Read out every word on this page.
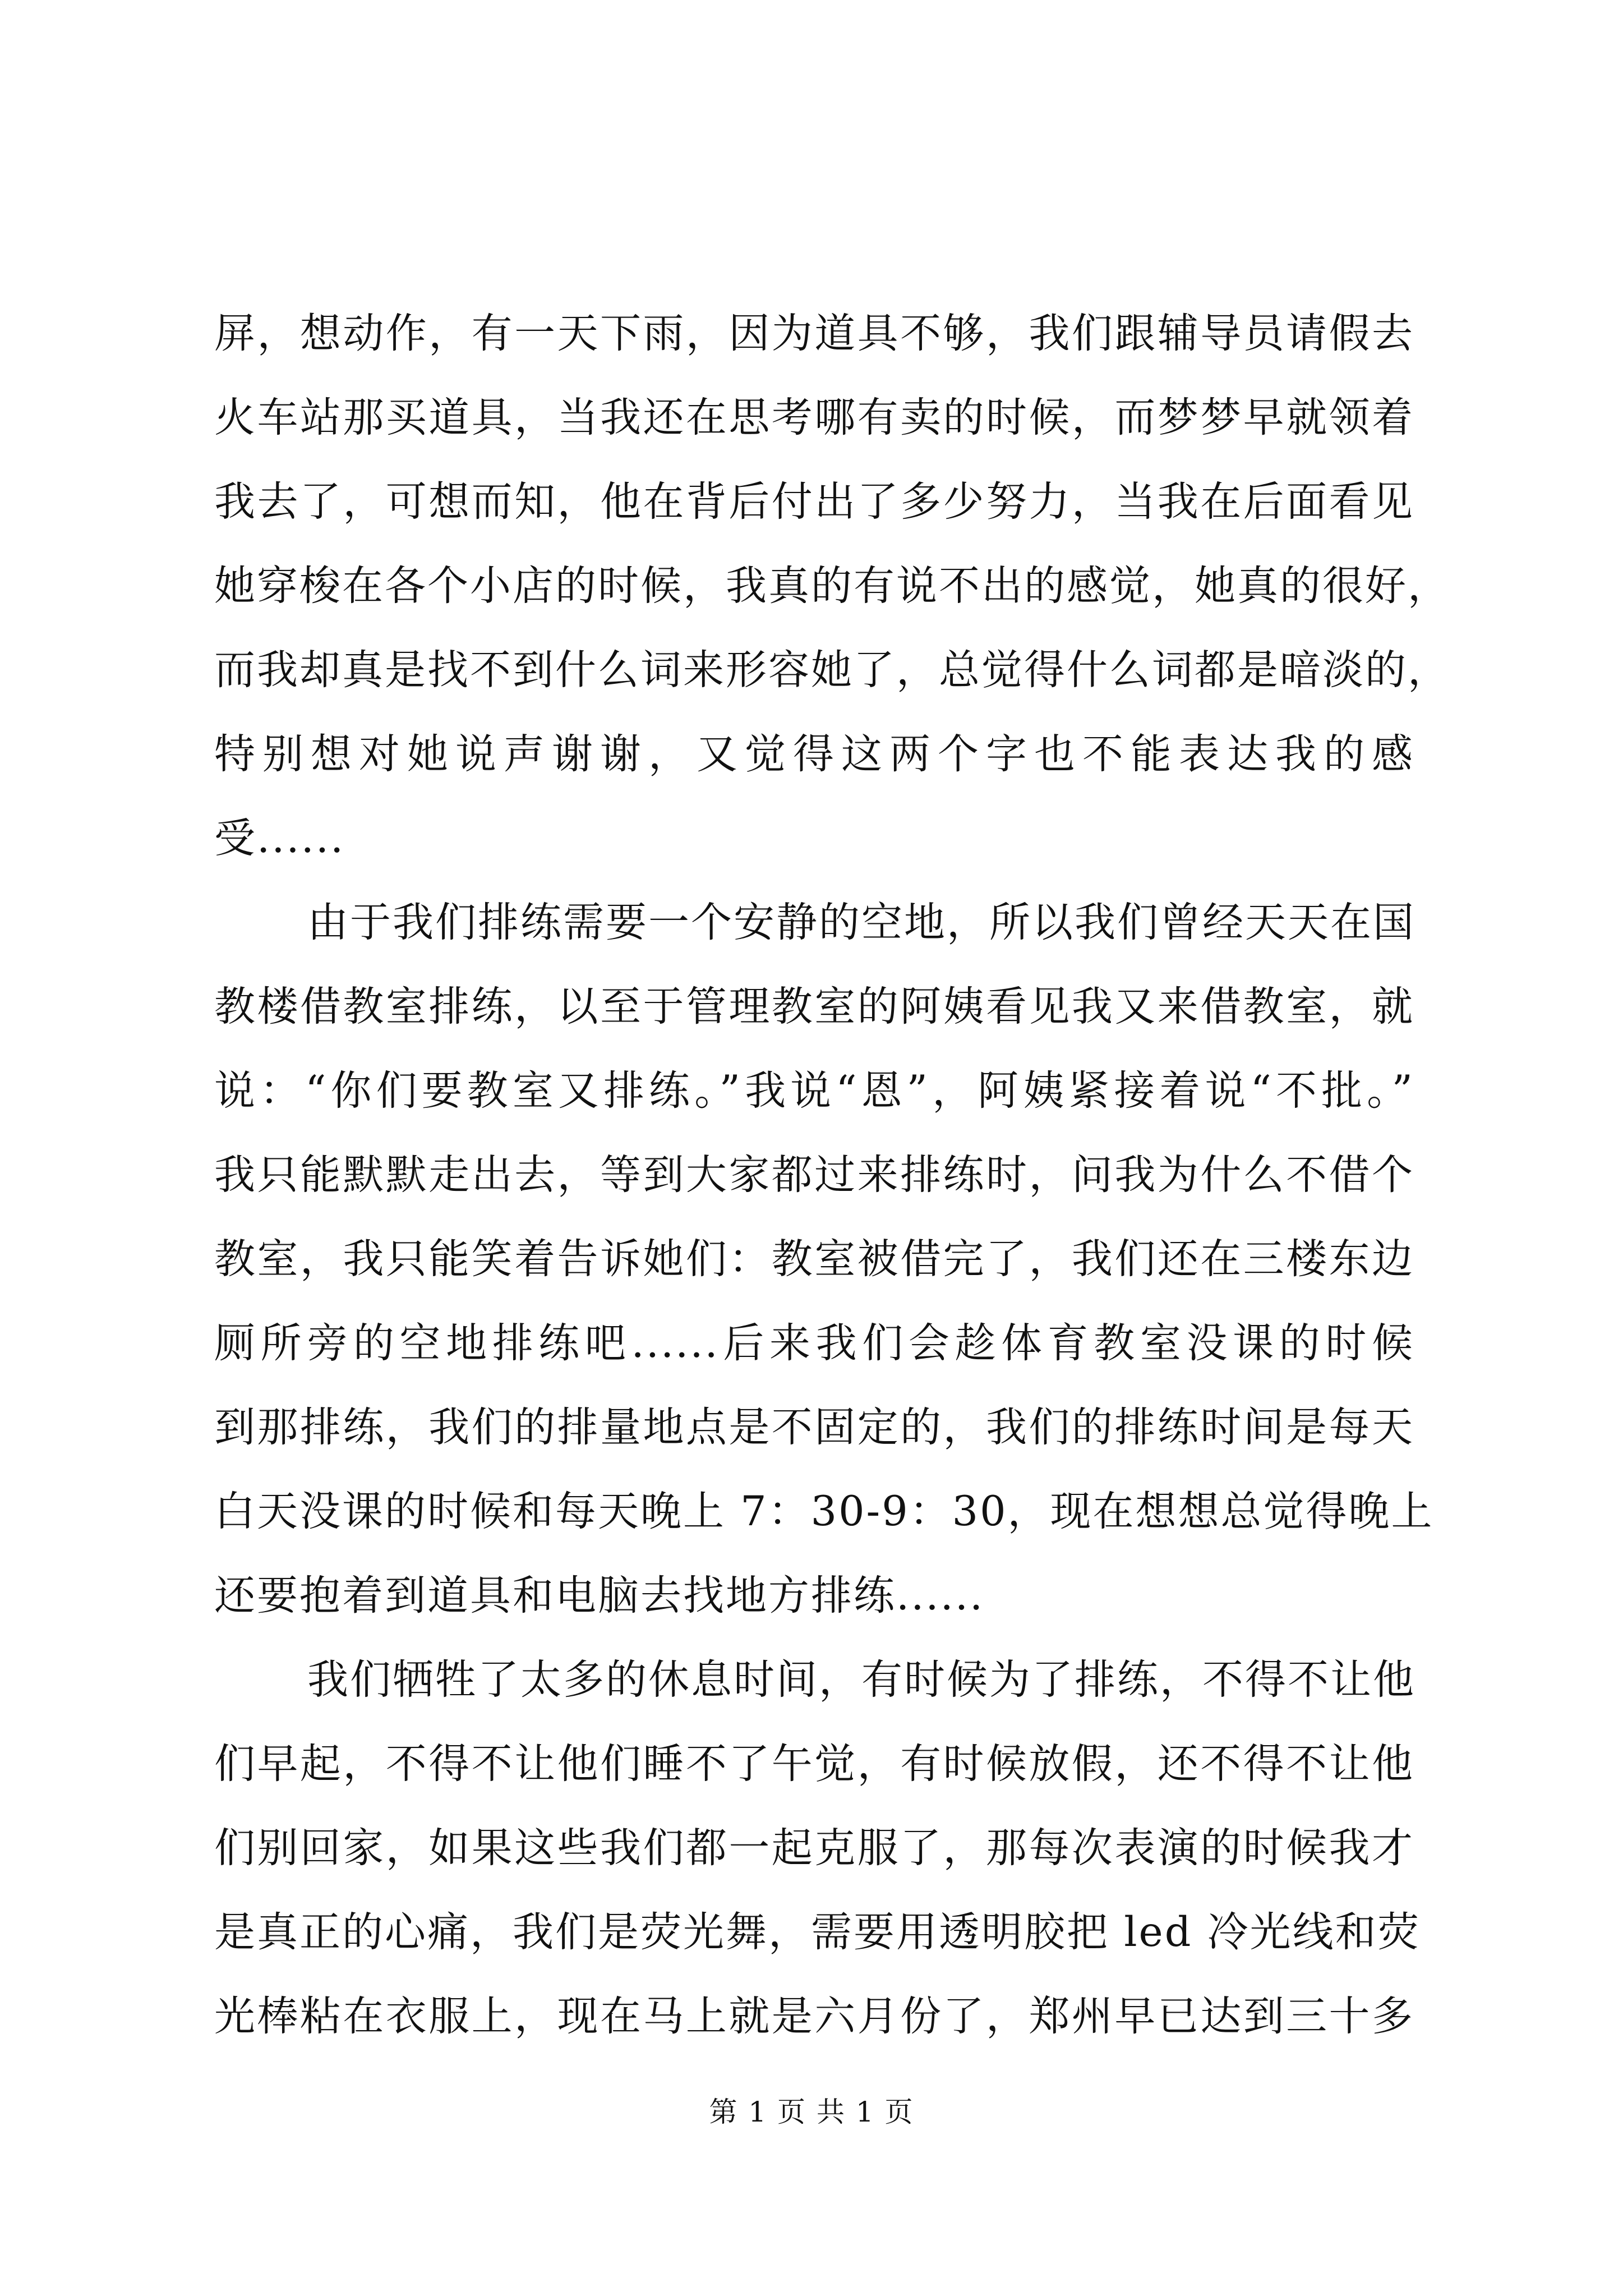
屏，想动作，有一天下雨，因为道具不够，我们跟辅导员请假去
火车站那买道具，当我还在思考哪有卖的时候，而梦梦早就领着
我去了，可想而知，他在背后付出了多少努力，当我在后面看见
她穿梭在各个小店的时候，我真的有说不出的感觉，她真的很好，
而我却真是找不到什么词来形容她了，总觉得什么词都是暗淡的，
特别想对她说声谢谢，又觉得这两个字也不能表达我的感
受......
由于我们排练需要一个安静的空地，所以我们曾经天天在国
教楼借教室排练，以至于管理教室的阿姨看见我又来借教室，就
说：“你们要教室又排练。”我说“恩”，阿姨紧接着说“不批。”
我只能默默走出去，等到大家都过来排练时，问我为什么不借个
教室，我只能笑着告诉她们：教室被借完了，我们还在三楼东边
厕所旁的空地排练吧......后来我们会趁体育教室没课的时候
到那排练，我们的排量地点是不固定的，我们的排练时间是每天
白天没课的时候和每天晚上 7：30-9：30，现在想想总觉得晚上
还要抱着到道具和电脑去找地方排练......
我们牺牲了太多的休息时间，有时候为了排练，不得不让他
们早起，不得不让他们睡不了午觉，有时候放假，还不得不让他
们别回家，如果这些我们都一起克服了，那每次表演的时候我才
是真正的心痛，我们是荧光舞，需要用透明胶把 led 冷光线和荧
光棒粘在衣服上，现在马上就是六月份了，郑州早已达到三十多
第 1 页 共 1 页
